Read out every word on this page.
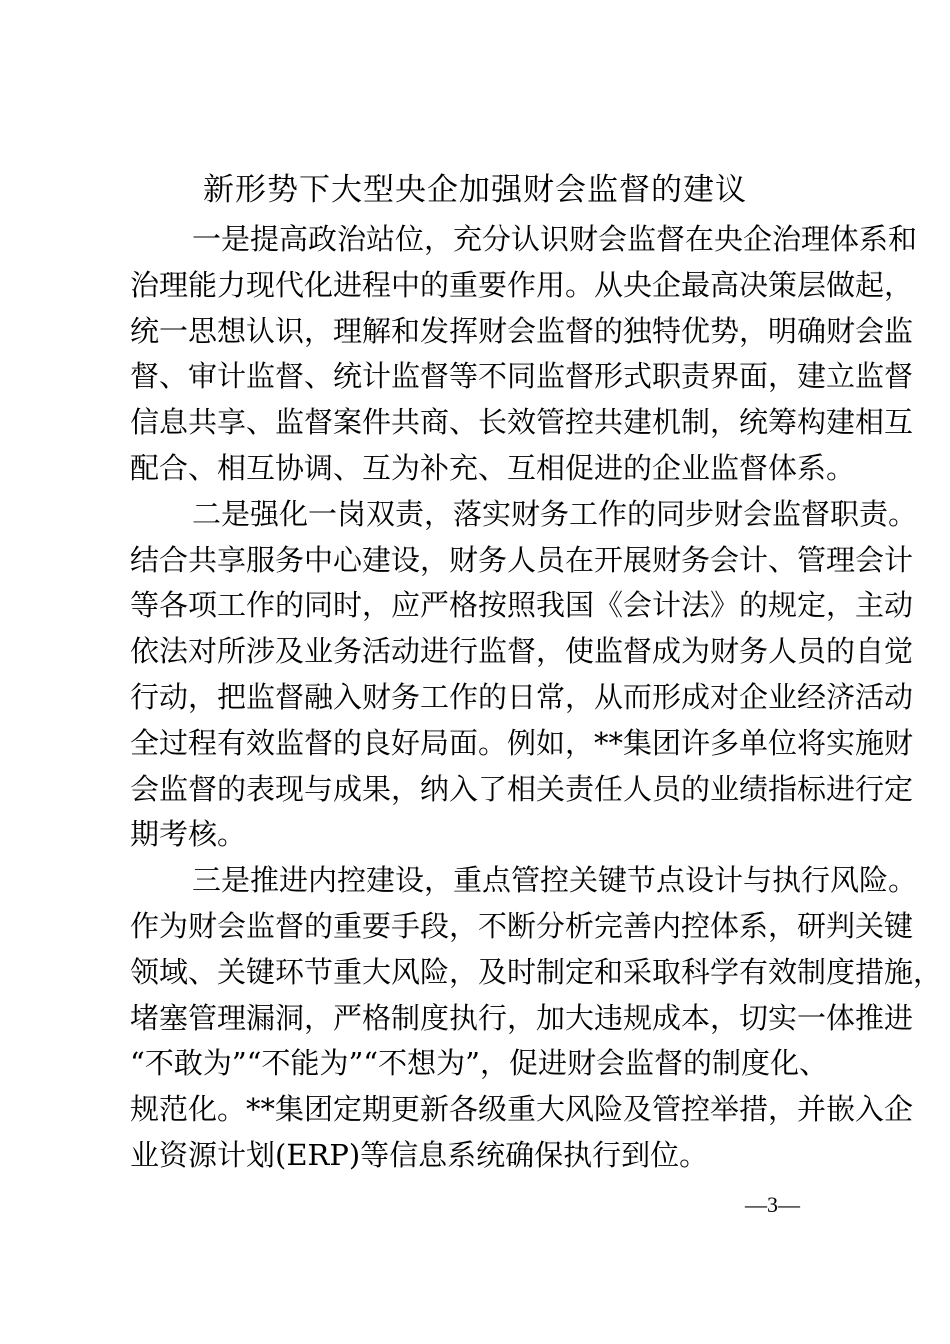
新形势下大型央企加强财会监督的建议
一是提高政治站位，充分认识财会监督在央企治理体系和
治理能力现代化进程中的重要作用。从央企最高决策层做起，
统一思想认识，理解和发挥财会监督的独特优势，明确财会监
督、审计监督、统计监督等不同监督形式职责界面，建立监督
信息共享、监督案件共商、长效管控共建机制，统筹构建相互
配合、相互协调、互为补充、互相促进的企业监督体系。
二是强化一岗双责，落实财务工作的同步财会监督职责。
结合共享服务中心建设，财务人员在开展财务会计、管理会计
等各项工作的同时，应严格按照我国《会计法》的规定，主动
依法对所涉及业务活动进行监督，使监督成为财务人员的自觉
行动，把监督融入财务工作的日常，从而形成对企业经济活动
全过程有效监督的良好局面。例如，**集团许多单位将实施财
会监督的表现与成果，纳入了相关责任人员的业绩指标进行定
期考核。
三是推进内控建设，重点管控关键节点设计与执行风险。
作为财会监督的重要手段，不断分析完善内控体系，研判关键
领域、关键环节重大风险，及时制定和采取科学有效制度措施，
堵塞管理漏洞，严格制度执行，加大违规成本，切实一体推进
“不敢为”“不能为”“不想为”，促进财会监督的制度化、
规范化。**集团定期更新各级重大风险及管控举措，并嵌入企
业资源计划(ERP)等信息系统确保执行到位。
—3—
